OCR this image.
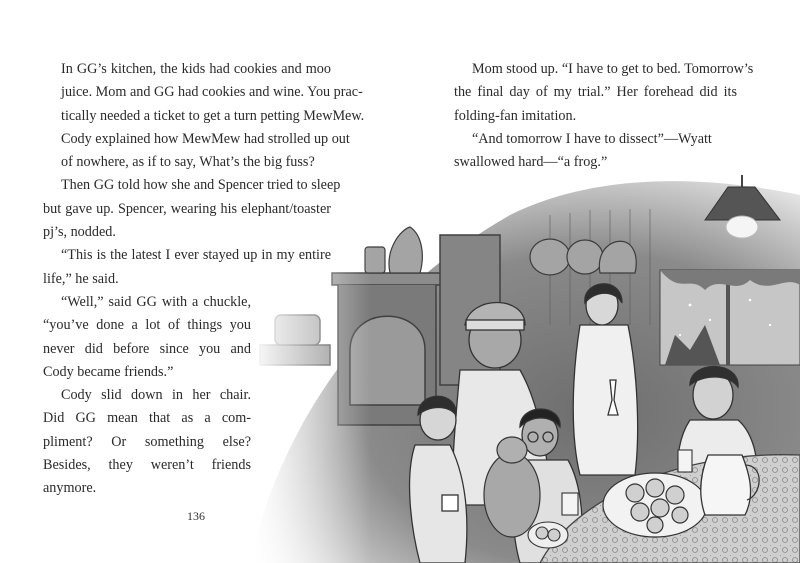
In GG’s kitchen, the kids had cookies and moo
juice. Mom and GG had cookies and wine. You prac-
tically needed a ticket to get a turn petting MewMew.
Cody explained how MewMew had strolled up out
of nowhere, as if to say, What’s the big fuss?

Then GG told how she and Spencer tried to sleep
but gave up. Spencer, wearing his elephant/toaster
pj’s, nodded.

“This is the latest I ever stayed up in my entire
life,” he said.

“Well,” said GG with a chuckle,
“you’ve done a lot of things you
never did before since you and
Cody became friends.”

Cody slid down in her chair.
Did GG mean that as a com-
pliment? Or something else?
Besides, they weren’t friends
anymore.

136

Mom stood up. “I have to get to bed. Tomorrow’s
the final day of my trial.” Her forehead did its
folding-fan imitation.

“And tomorrow I have to dissect”—Wyatt
swallowed hard—“a frog.”
